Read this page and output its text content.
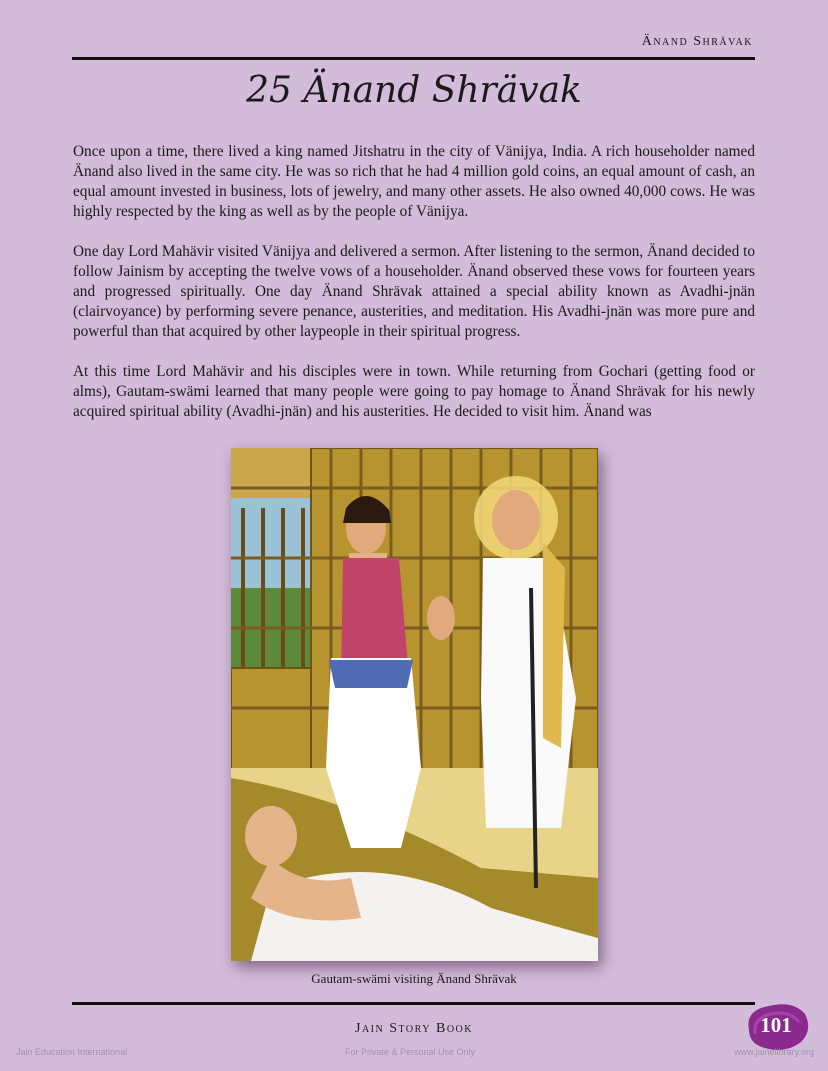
Änand Shrävak
25 Änand Shrävak

Once upon a time, there lived a king named Jitshatru in the city of Vänijya, India. A rich householder named Änand also lived in the same city. He was so rich that he had 4 million gold coins, an equal amount of cash, an equal amount invested in business, lots of jewelry, and many other assets. He also owned 40,000 cows. He was highly respected by the king as well as by the people of Vänijya.

One day Lord Mahävir visited Vänijya and delivered a sermon. After listening to the sermon, Änand decided to follow Jainism by accepting the twelve vows of a householder. Änand observed these vows for fourteen years and progressed spiritually. One day Änand Shrävak attained a special ability known as Avadhi-jnän (clairvoyance) by performing severe penance, austerities, and meditation. His Avadhi-jnän was more pure and powerful than that acquired by other laypeople in their spiritual progress.

At this time Lord Mahävir and his disciples were in town. While returning from Gochari (getting food or alms), Gautam-swämi learned that many people were going to pay homage to Änand Shrävak for his newly acquired spiritual ability (Avadhi-jnän) and his austerities. He decided to visit him. Änand was

Gautam-swämi visiting Änand Shrävak
Jain Story Book	101
Jain Education International	For Private & Personal Use Only	www.jainelibrary.org
